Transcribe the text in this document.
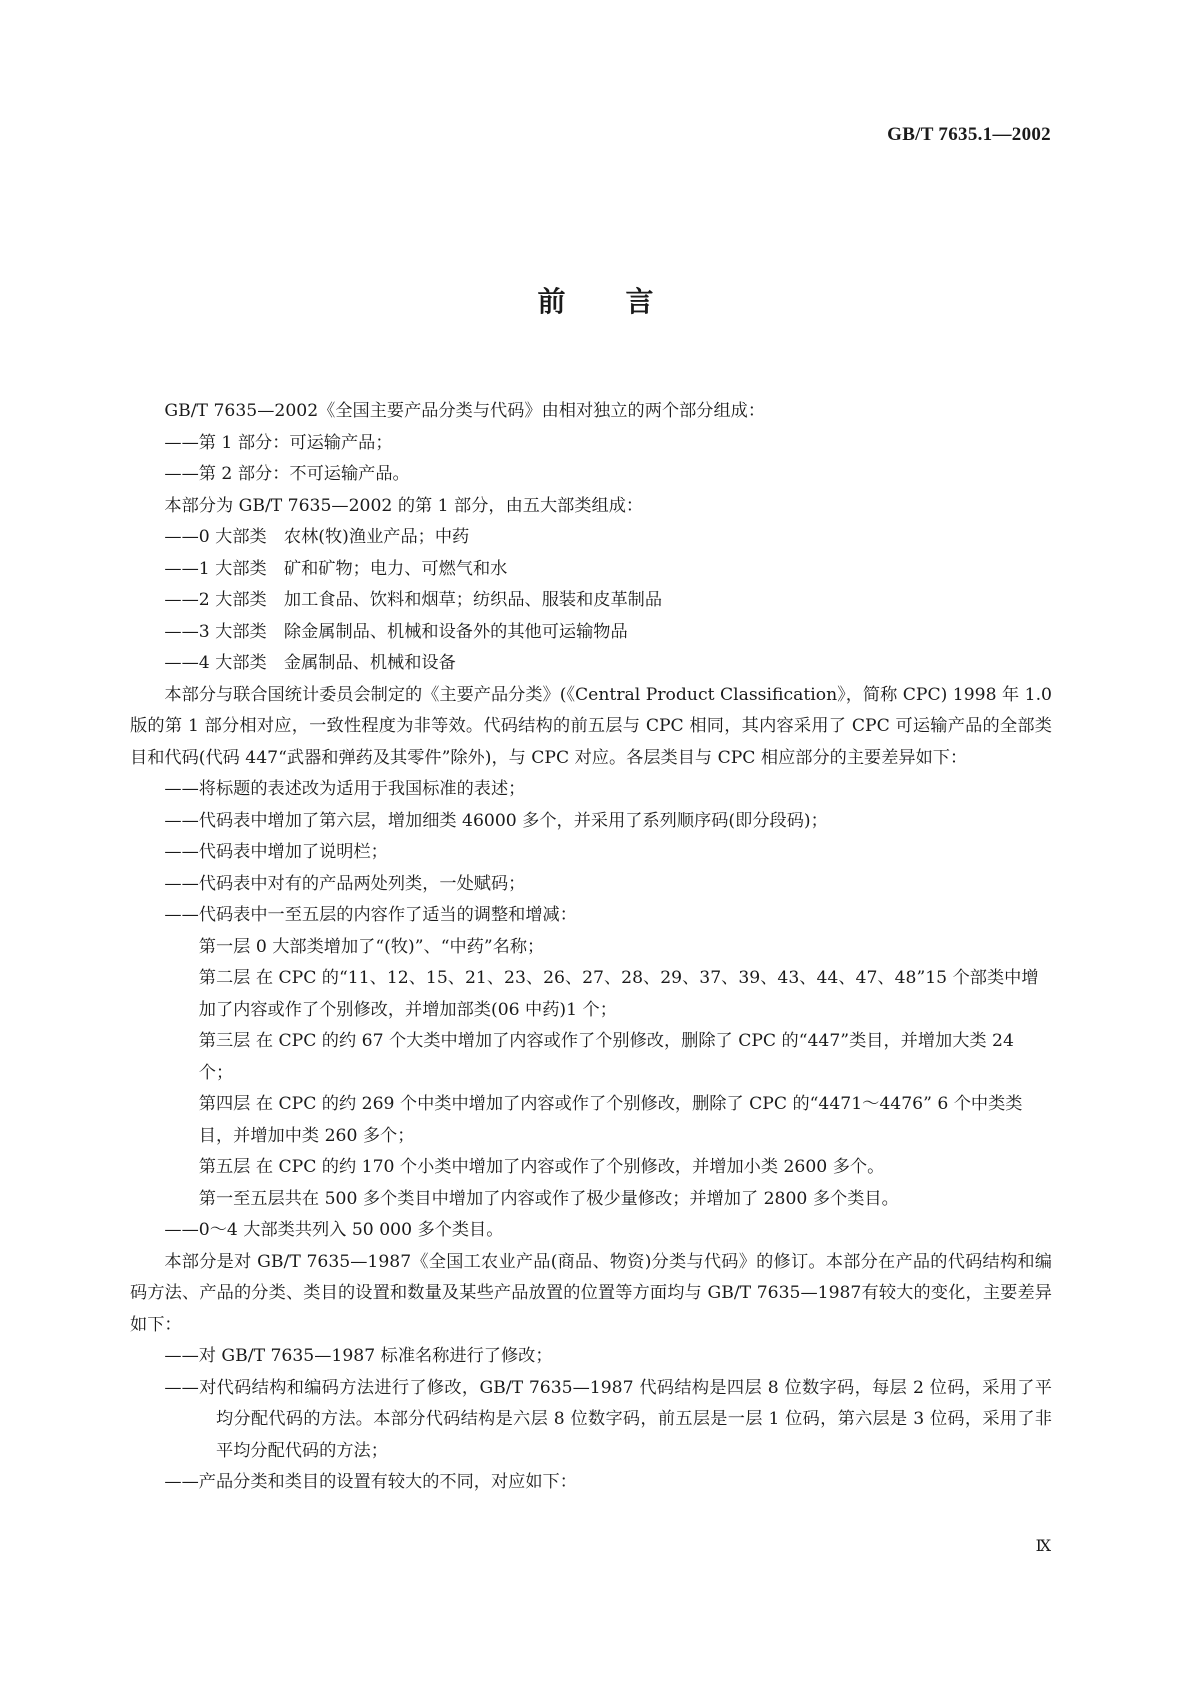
GB/T 7635.1—2002
前言

GB/T 7635—2002《全国主要产品分类与代码》由相对独立的两个部分组成：

——第 1 部分：可运输产品；

——第 2 部分：不可运输产品。

本部分为 GB/T 7635—2002 的第 1 部分，由五大部类组成：

——0 大部类　农林(牧)渔业产品；中药

——1 大部类　矿和矿物；电力、可燃气和水

——2 大部类　加工食品、饮料和烟草；纺织品、服装和皮革制品

——3 大部类　除金属制品、机械和设备外的其他可运输物品

——4 大部类　金属制品、机械和设备

本部分与联合国统计委员会制定的《主要产品分类》(《Central Product Classification》，简称 CPC) 1998 年 1.0 版的第 1 部分相对应，一致性程度为非等效。代码结构的前五层与 CPC 相同，其内容采用了 CPC 可运输产品的全部类目和代码(代码 447“武器和弹药及其零件”除外)，与 CPC 对应。各层类目与 CPC 相应部分的主要差异如下：

——将标题的表述改为适用于我国标准的表述；

——代码表中增加了第六层，增加细类 46000 多个，并采用了系列顺序码(即分段码)；

——代码表中增加了说明栏；

——代码表中对有的产品两处列类，一处赋码；

——代码表中一至五层的内容作了适当的调整和增减：

第一层 0 大部类增加了“(牧)”、“中药”名称；

第二层 在 CPC 的“11、12、15、21、23、26、27、28、29、37、39、43、44、47、48”15 个部类中增加了内容或作了个别修改，并增加部类(06 中药)1 个；

第三层 在 CPC 的约 67 个大类中增加了内容或作了个别修改，删除了 CPC 的“447”类目，并增加大类 24 个；

第四层 在 CPC 的约 269 个中类中增加了内容或作了个别修改，删除了 CPC 的“4471～4476” 6 个中类类目，并增加中类 260 多个；

第五层 在 CPC 的约 170 个小类中增加了内容或作了个别修改，并增加小类 2600 多个。

第一至五层共在 500 多个类目中增加了内容或作了极少量修改；并增加了 2800 多个类目。

——0～4 大部类共列入 50 000 多个类目。

本部分是对 GB/T 7635—1987《全国工农业产品(商品、物资)分类与代码》的修订。本部分在产品的代码结构和编码方法、产品的分类、类目的设置和数量及某些产品放置的位置等方面均与 GB/T 7635—1987有较大的变化，主要差异如下：

——对 GB/T 7635—1987 标准名称进行了修改；

——对代码结构和编码方法进行了修改，GB/T 7635—1987 代码结构是四层 8 位数字码，每层 2 位码，采用了平均分配代码的方法。本部分代码结构是六层 8 位数字码，前五层是一层 1 位码，第六层是 3 位码，采用了非平均分配代码的方法；

——产品分类和类目的设置有较大的不同，对应如下：

Ⅸ
